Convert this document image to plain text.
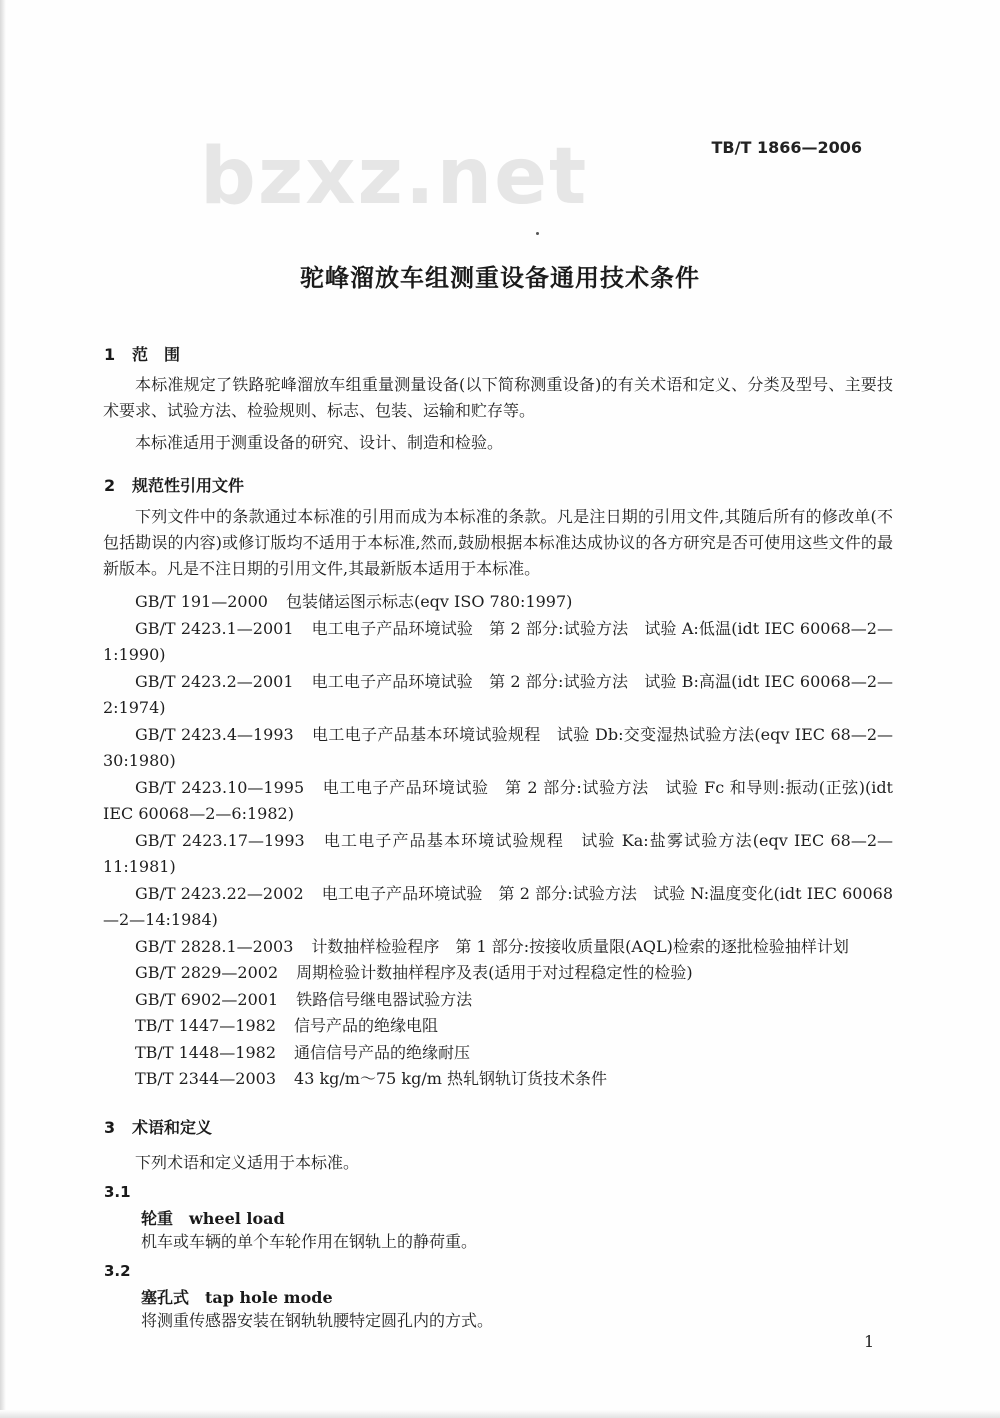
bzxz.net	TB/T 1866—2006
驼峰溜放车组测重设备通用技术条件
1 范　围
本标准规定了铁路驼峰溜放车组重量测量设备(以下简称测重设备)的有关术语和定义、分类及型号、主要技术要求、试验方法、检验规则、标志、包装、运输和贮存等。
本标准适用于测重设备的研究、设计、制造和检验。
2 规范性引用文件
下列文件中的条款通过本标准的引用而成为本标准的条款。凡是注日期的引用文件,其随后所有的修改单(不包括勘误的内容)或修订版均不适用于本标准,然而,鼓励根据本标准达成协议的各方研究是否可使用这些文件的最新版本。凡是不注日期的引用文件,其最新版本适用于本标准。
GB/T 191—2000 包装储运图示标志(eqv ISO 780:1997)
GB/T 2423.1—2001 电工电子产品环境试验　第 2 部分:试验方法　试验 A:低温(idt IEC 60068—2—1:1990)
GB/T 2423.2—2001 电工电子产品环境试验　第 2 部分:试验方法　试验 B:高温(idt IEC 60068—2—2:1974)
GB/T 2423.4—1993 电工电子产品基本环境试验规程　试验 Db:交变湿热试验方法(eqv IEC 68—2—30:1980)
GB/T 2423.10—1995 电工电子产品环境试验　第 2 部分:试验方法　试验 Fc 和导则:振动(正弦)(idt IEC 60068—2—6:1982)
GB/T 2423.17—1993 电工电子产品基本环境试验规程　试验 Ka:盐雾试验方法(eqv IEC 68—2—11:1981)
GB/T 2423.22—2002 电工电子产品环境试验　第 2 部分:试验方法　试验 N:温度变化(idt IEC 60068—2—14:1984)
GB/T 2828.1—2003 计数抽样检验程序　第 1 部分:按接收质量限(AQL)检索的逐批检验抽样计划
GB/T 2829—2002 周期检验计数抽样程序及表(适用于对过程稳定性的检验)
GB/T 6902—2001 铁路信号继电器试验方法
TB/T 1447—1982 信号产品的绝缘电阻
TB/T 1448—1982 通信信号产品的绝缘耐压
TB/T 2344—2003 43 kg/m～75 kg/m 热轧钢轨订货技术条件
3 术语和定义
下列术语和定义适用于本标准。
3.1
轮重 wheel load
机车或车辆的单个车轮作用在钢轨上的静荷重。
3.2
塞孔式 tap hole mode
将测重传感器安装在钢轨轨腰特定圆孔内的方式。
1
